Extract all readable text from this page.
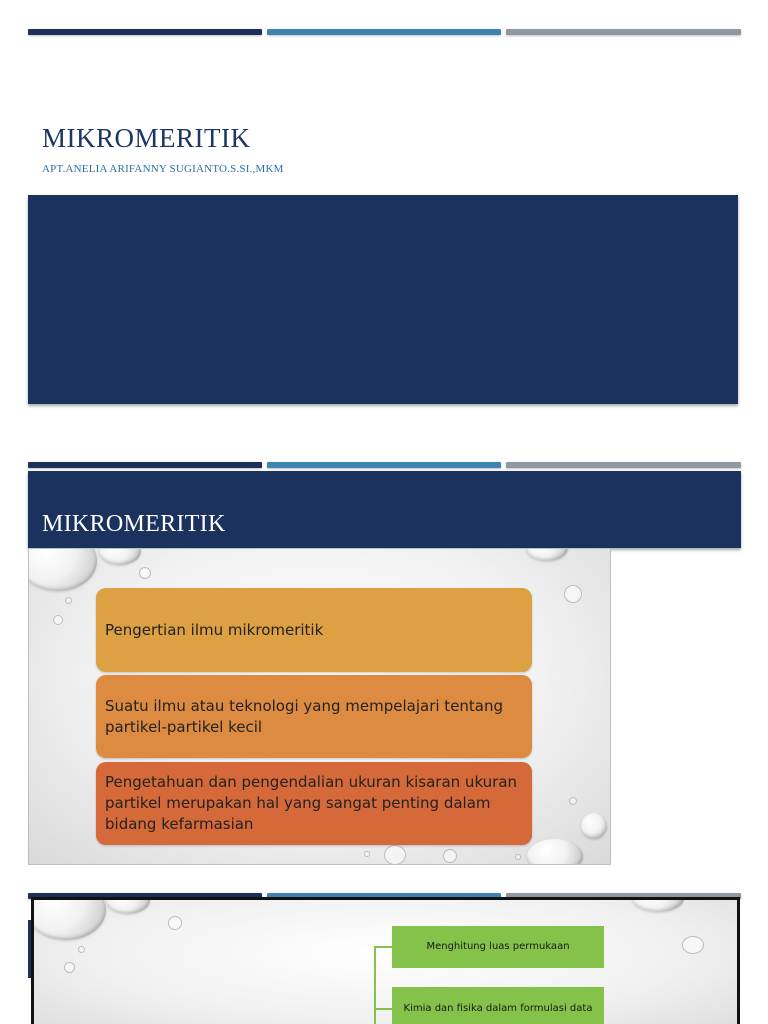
MIKROMERITIK
APT.ANELIA ARIFANNY SUGIANTO.S.SI.,MKM
MIKROMERITIK
Pengertian ilmu mikromeritik
Suatu ilmu atau teknologi yang mempelajari tentang partikel-partikel kecil
Pengetahuan dan pengendalian ukuran kisaran ukuran partikel merupakan hal yang sangat penting dalam bidang kefarmasian
Menghitung luas permukaan
Kimia dan fisika dalam formulasi data
